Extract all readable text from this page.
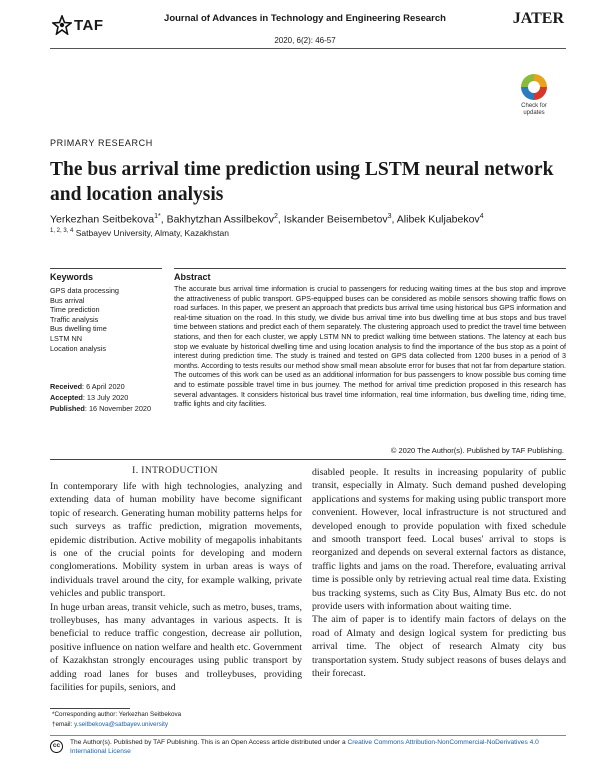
TAF	Journal of Advances in Technology and Engineering Research	JATER
2020, 6(2): 46-57
Check for
updates
PRIMARY RESEARCH
The bus arrival time prediction using LSTM neural network and location analysis
Yerkezhan Seitbekova$^{1*}$, Bakhytzhan Assilbekov$^2$, Iskander Beisembetov$^3$, Alibek Kuljabekov$^4$
$^{1, 2, 3, 4}$ Satbayev University, Almaty, Kazakhstan
Keywords	Abstract
GPS data processing
Bus arrival
Time prediction
Traffic analysis
Bus dwelling time
LSTM NN
Location analysis
Received: 6 April 2020
Accepted: 13 July 2020
Published: 16 November 2020

The accurate bus arrival time information is crucial to passengers for reducing waiting times at the bus stop and improve the attractiveness of public transport. GPS-equipped buses can be considered as mobile sensors showing traffic flows on road surfaces. In this paper, we present an approach that predicts bus arrival time using historical bus GPS information and real-time situation on the road. In this study, we divide bus arrival time into bus dwelling time at bus stops and bus travel time between stations and predict each of them separately. The clustering approach used to predict the travel time between stations, and then for each cluster, we apply LSTM NN to predict walking time between stations. The latency at each bus stop we evaluate by historical dwelling time and using location analysis to find the importance of the bus stop as a point of interest during prediction time. The study is trained and tested on GPS data collected from 1200 buses in a period of 3 months. According to tests results our method show small mean absolute error for buses that not far from departure station. The outcomes of this work can be used as an additional information for bus passengers to know possible bus coming time and to estimate possible travel time in bus journey. The method for arrival time prediction proposed in this research has several advantages. It considers historical bus travel time information, real time information, bus dwelling time, riding time, traffic lights and city facilities.

© 2020 The Author(s). Published by TAF Publishing.
I. INTRODUCTION

In contemporary life with high technologies, analyzing and extending data of human mobility have become significant topic of research. Generating human mobility patterns helps for such surveys as traffic prediction, migration movements, epidemic distribution. Active mobility of megapolis inhabitants is one of the crucial points for developing and modern conglomerations. Mobility system in urban areas is ways of individuals travel around the city, for example walking, private vehicles and public transport.

In huge urban areas, transit vehicle, such as metro, buses, trams, trolleybuses, has many advantages in various aspects. It is beneficial to reduce traffic congestion, decrease air pollution, positive influence on nation welfare and health etc. Government of Kazakhstan strongly encourages using public transport by adding road lanes for buses and trolleybuses, providing facilities for pupils, seniors, and

disabled people. It results in increasing popularity of public transit, especially in Almaty. Such demand pushed developing applications and systems for making using public transport more convenient. However, local infrastructure is not structured and developed enough to provide population with fixed schedule and smooth transport feed. Local buses' arrival to stops is reorganized and depends on several external factors as distance, traffic lights and jams on the road. Therefore, evaluating arrival time is possible only by retrieving actual real time data. Existing bus tracking systems, such as City Bus, Almaty Bus etc. do not provide users with information about waiting time.

The aim of paper is to identify main factors of delays on the road of Almaty and design logical system for predicting bus arrival time. The object of research Almaty city bus transportation system. Study subject reasons of buses delays and their forecast.

*Corresponding author: Yerkezhan Seitbekova
†email: y.seitbekova@satbayev.university
cc	The Author(s). Published by TAF Publishing. This is an Open Access article distributed under a Creative Commons Attribution-NonCommercial-NoDerivatives 4.0 International License
